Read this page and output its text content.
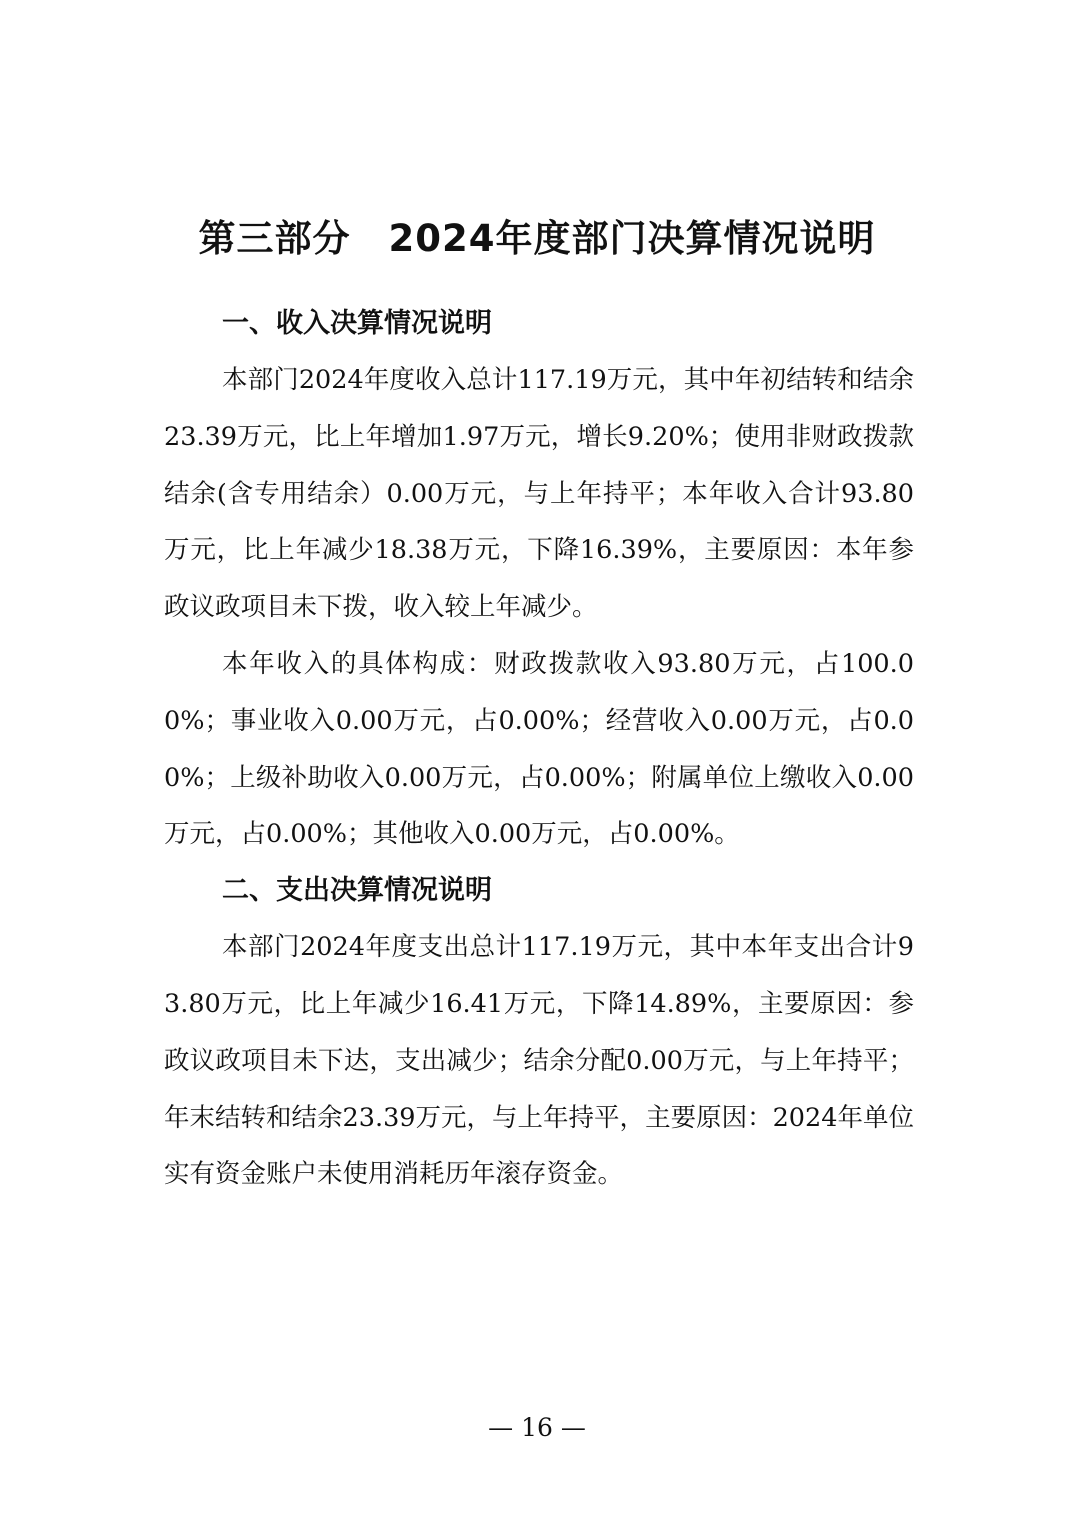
第三部分　2024年度部门决算情况说明
一、收入决算情况说明

本部门2024年度收入总计117.19万元，其中年初结转和结余23.39万元，比上年增加1.97万元，增长9.20%；使用非财政拨款结余(含专用结余）0.00万元，与上年持平；本年收入合计93.80万元，比上年减少18.38万元，下降16.39%，主要原因：本年参政议政项目未下拨，收入较上年减少。

本年收入的具体构成：财政拨款收入93.80万元，占100.00%；事业收入0.00万元，占0.00%；经营收入0.00万元，占0.00%；上级补助收入0.00万元，占0.00%；附属单位上缴收入0.00万元，占0.00%；其他收入0.00万元，占0.00%。

二、支出决算情况说明

本部门2024年度支出总计117.19万元，其中本年支出合计93.80万元，比上年减少16.41万元，下降14.89%，主要原因：参政议政项目未下达，支出减少；结余分配0.00万元，与上年持平；年末结转和结余23.39万元，与上年持平，主要原因：2024年单位实有资金账户未使用消耗历年滚存资金。

— 16 —
